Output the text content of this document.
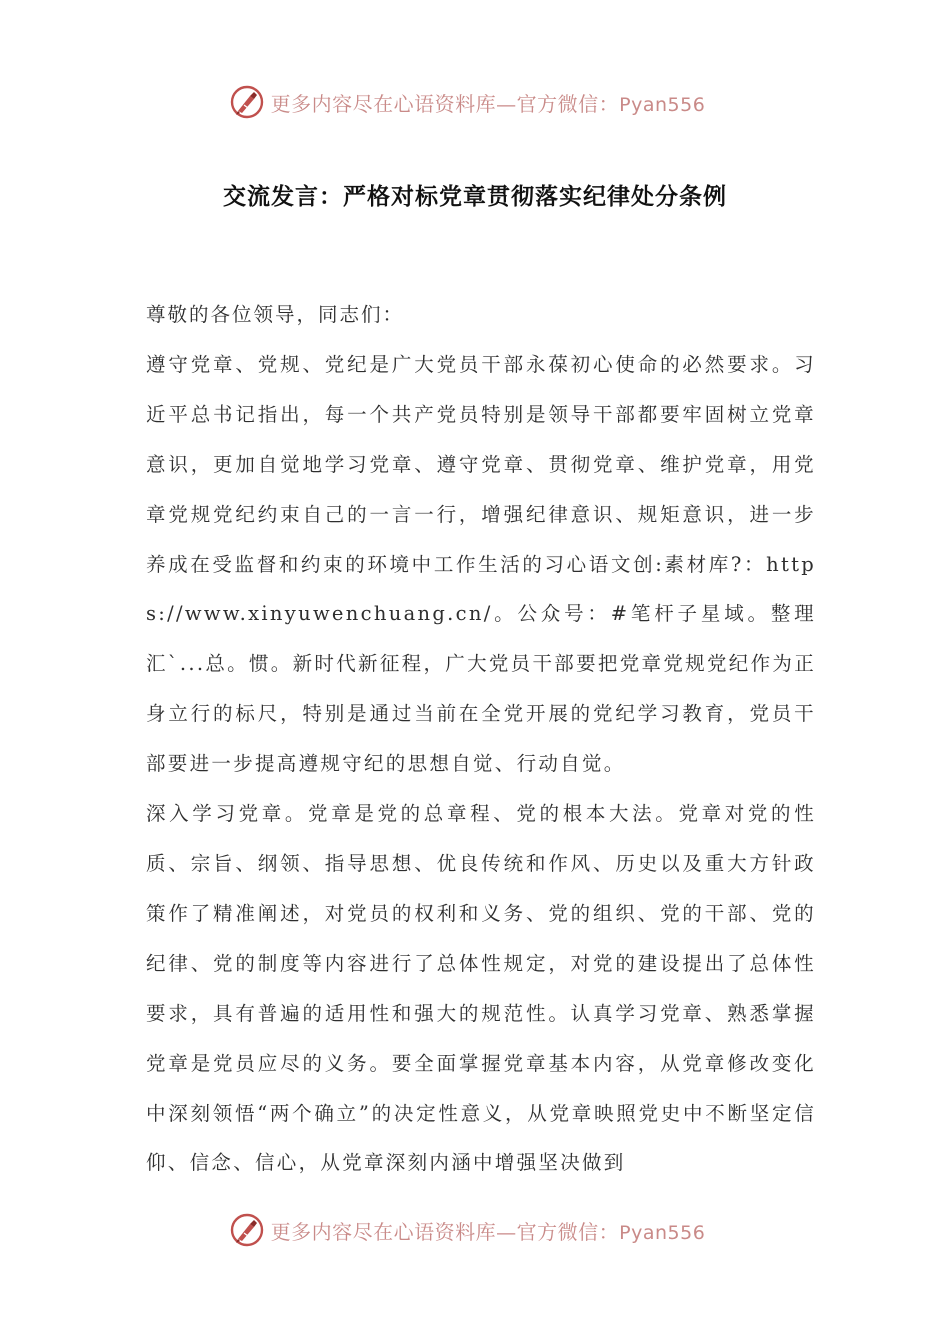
更多内容尽在心语资料库—官方微信：Pyan556
交流发言：严格对标党章贯彻落实纪律处分条例

尊敬的各位领导，同志们：

遵守党章、党规、党纪是广大党员干部永葆初心使命的必然要求。习近平总书记指出，每一个共产党员特别是领导干部都要牢固树立党章意识，更加自觉地学习党章、遵守党章、贯彻党章、维护党章，用党章党规党纪约束自己的一言一行，增强纪律意识、规矩意识，进一步养成在受监督和约束的环境中工作生活的习心语文创:素材库?：https://www.xinyuwenchuang.cn/。公众号：#笔杆子星域。整理汇`...总。惯。新时代新征程，广大党员干部要把党章党规党纪作为正身立行的标尺，特别是通过当前在全党开展的党纪学习教育，党员干部要进一步提高遵规守纪的思想自觉、行动自觉。

深入学习党章。党章是党的总章程、党的根本大法。党章对党的性质、宗旨、纲领、指导思想、优良传统和作风、历史以及重大方针政策作了精准阐述，对党员的权利和义务、党的组织、党的干部、党的纪律、党的制度等内容进行了总体性规定，对党的建设提出了总体性要求，具有普遍的适用性和强大的规范性。认真学习党章、熟悉掌握党章是党员应尽的义务。要全面掌握党章基本内容，从党章修改变化中深刻领悟“两个确立”的决定性意义，从党章映照党史中不断坚定信仰、信念、信心，从党章深刻内涵中增强坚决做到

更多内容尽在心语资料库—官方微信：Pyan556
